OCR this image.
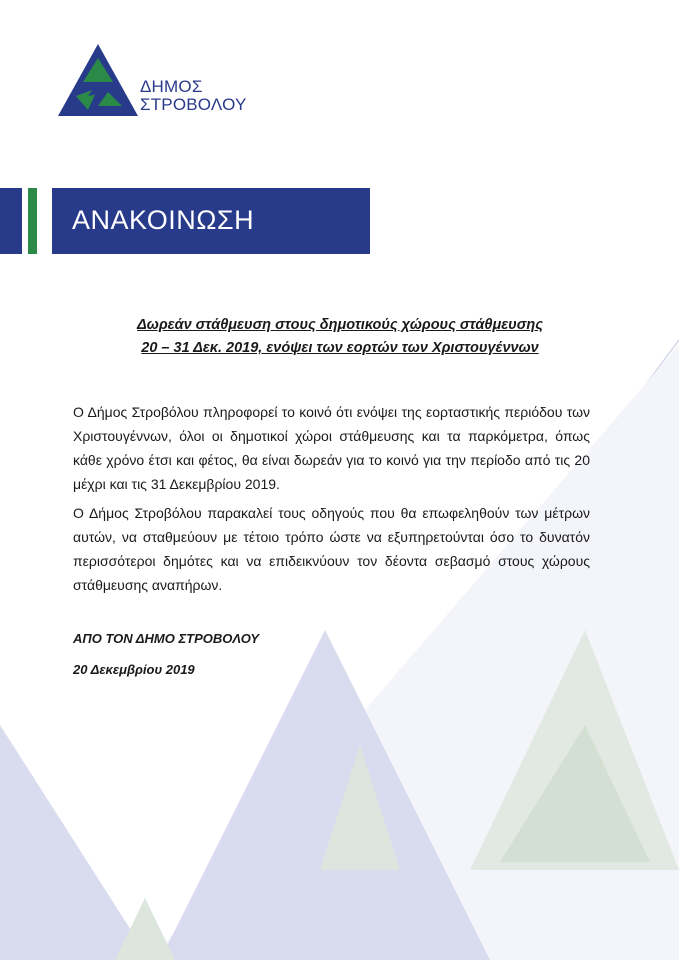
ΔΗΜΟΣ
ΣΤΡΟΒΟΛΟΥ
ΑΝΑΚΟΙΝΩΣΗ
Δωρεάν στάθμευση στους δημοτικούς χώρους στάθμευσης
20 – 31 Δεκ. 2019, ενόψει των εορτών των Χριστουγέννων
Ο Δήμος Στροβόλου πληροφορεί το κοινό ότι ενόψει της εορταστικής περιόδου των Χριστουγέννων, όλοι οι δημοτικοί χώροι στάθμευσης και τα παρκόμετρα, όπως κάθε χρόνο έτσι και φέτος, θα είναι δωρεάν για το κοινό για την περίοδο από τις 20 μέχρι και τις 31 Δεκεμβρίου 2019.
Ο Δήμος Στροβόλου παρακαλεί τους οδηγούς που θα επωφεληθούν των μέτρων αυτών, να σταθμεύουν με τέτοιο τρόπο ώστε να εξυπηρετούνται όσο το δυνατόν περισσότεροι δημότες και να επιδεικνύουν τον δέοντα σεβασμό στους χώρους στάθμευσης αναπήρων.
ΑΠΟ ΤΟΝ ΔΗΜΟ ΣΤΡΟΒΟΛΟΥ
20 Δεκεμβρίου 2019
